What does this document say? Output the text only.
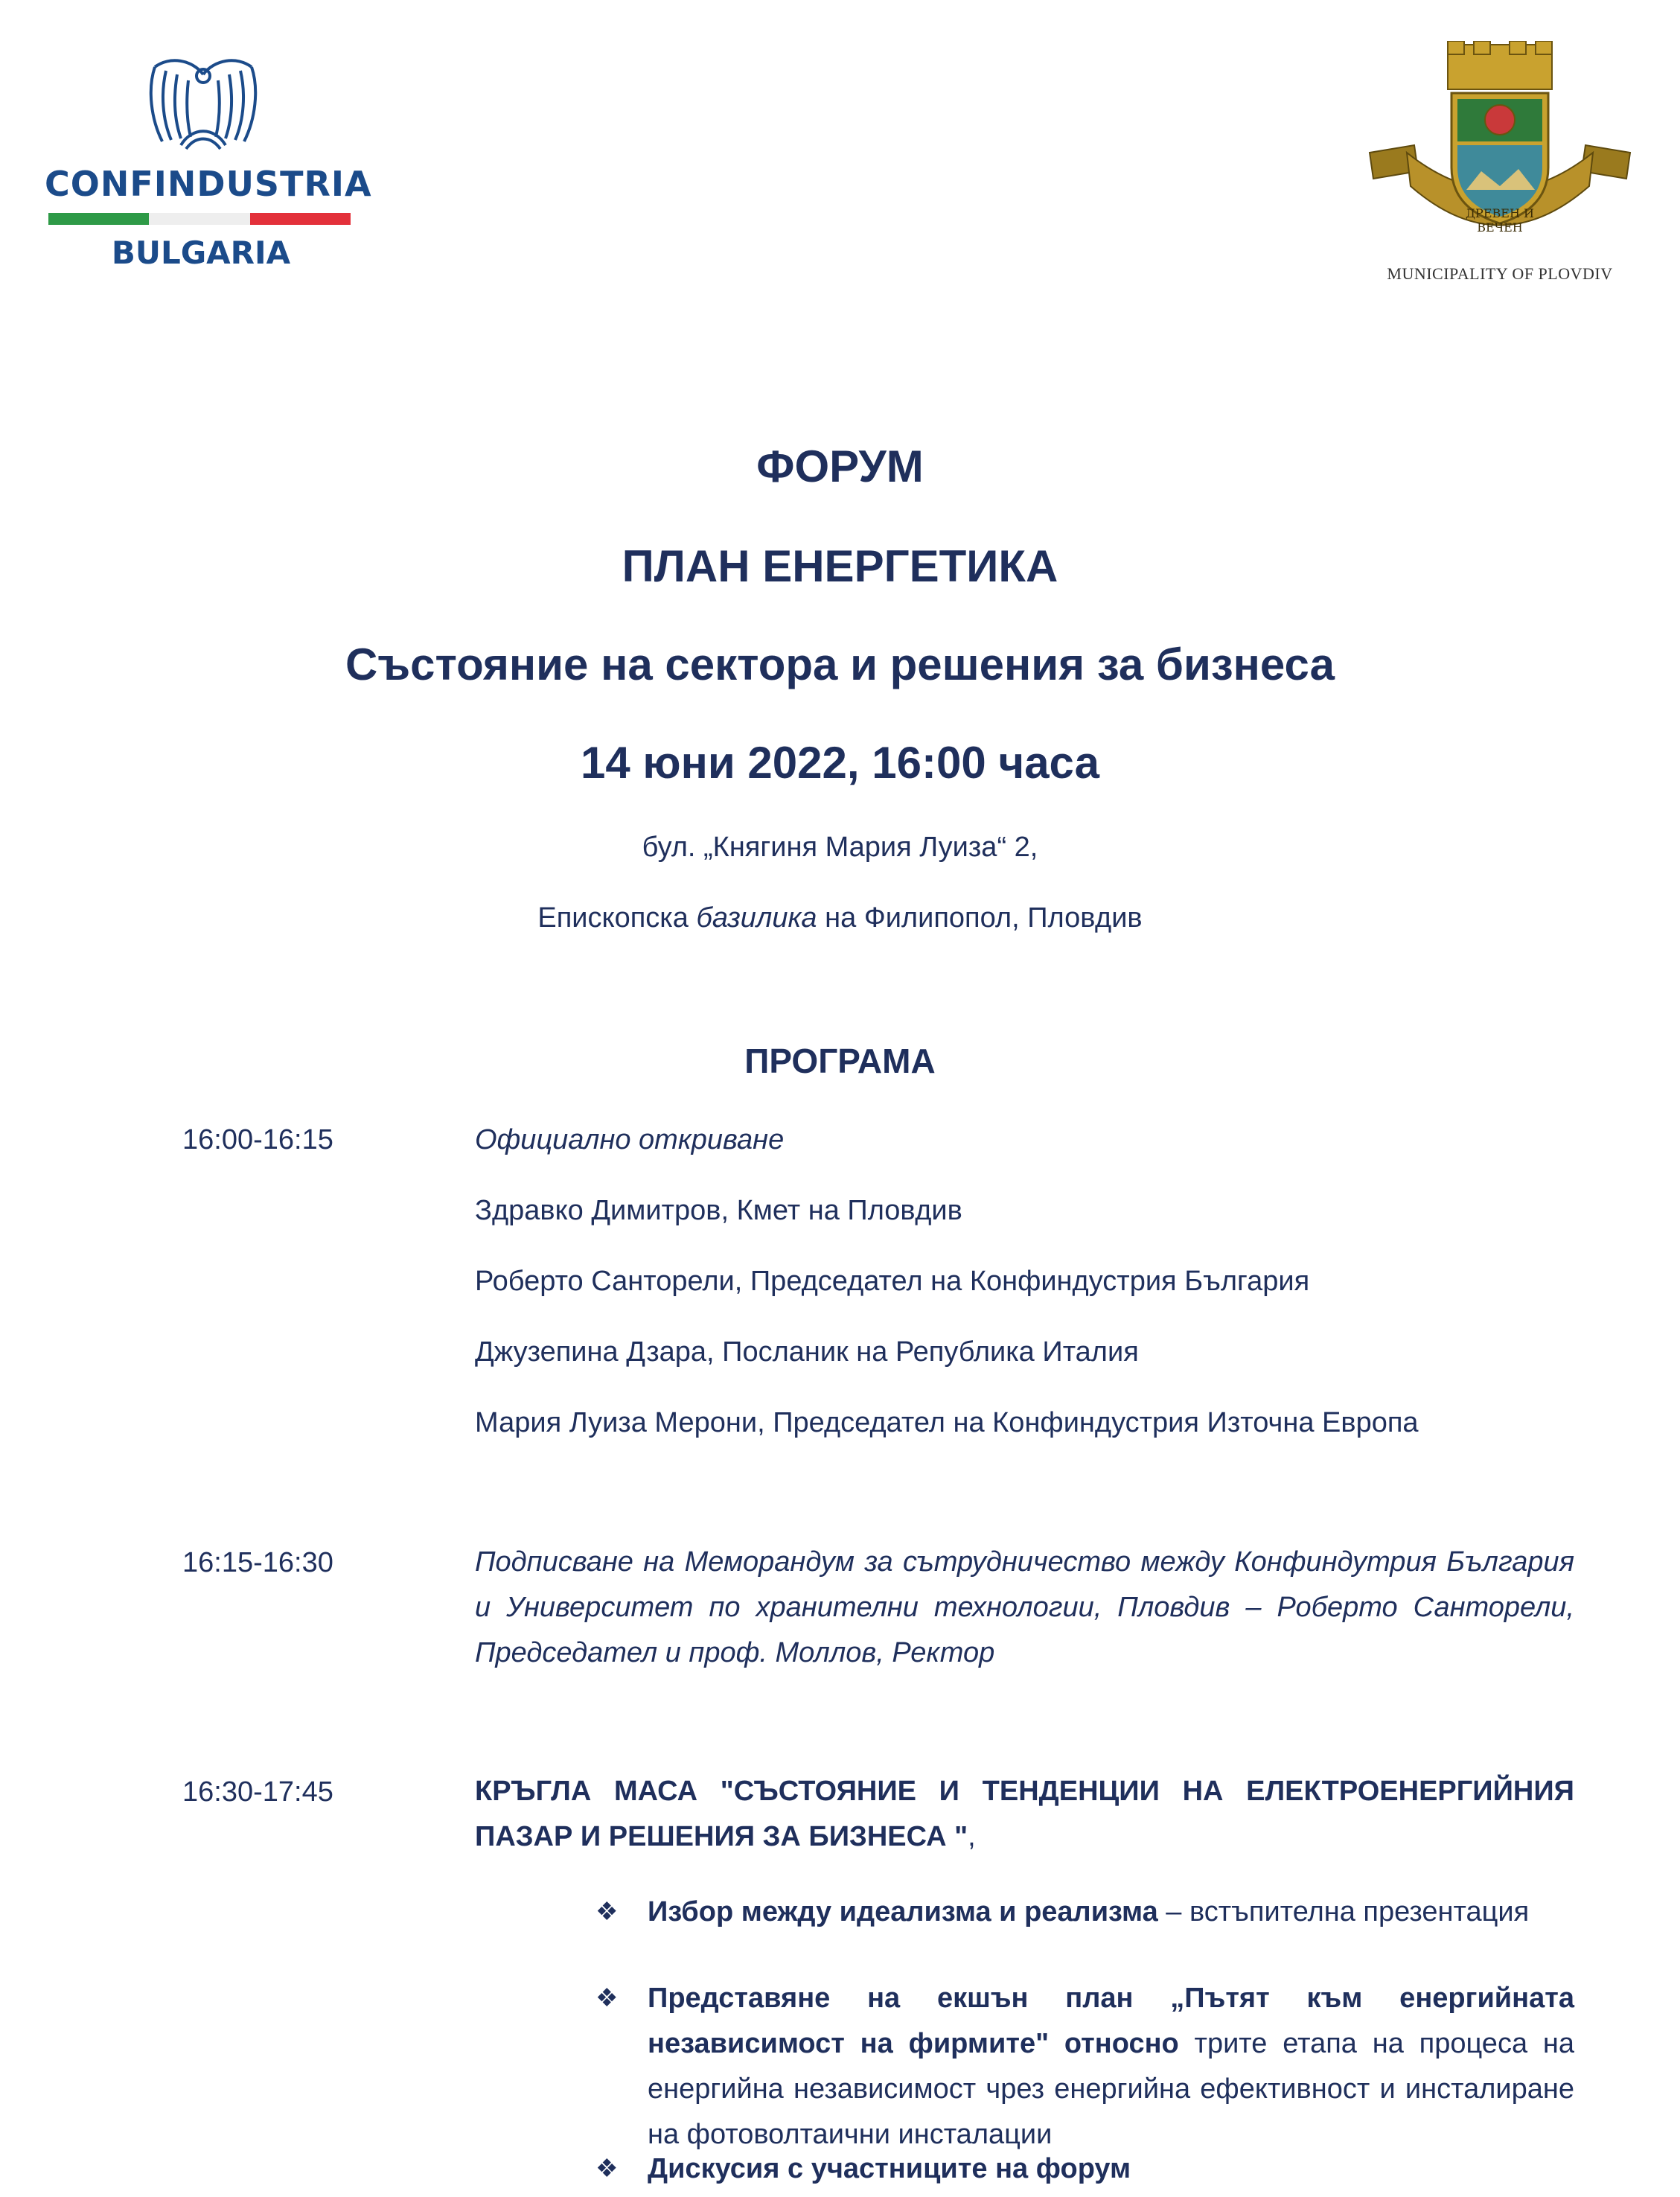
CONFINDUSTRIA
BULGARIA
ДРЕВЕН И ВЕЧЕН
MUNICIPALITY OF PLOVDIV
ФОРУМ
ПЛАН ЕНЕРГЕТИКА
Състояние на сектора и решения за бизнеса
14 юни 2022, 16:00 часа
бул. „Княгиня Мария Луиза“ 2,
Епископска базилика на Филипопол, Пловдив
ПРОГРАМА
16:00-16:15	Официално откриване
Здравко Димитров, Кмет на Пловдив
Роберто Санторели, Председател на Конфиндустрия България
Джузепина Дзара, Посланик на Република Италия
Мария Луиза Мерони, Председател на Конфиндустрия Източна Европа
16:15-16:30	Подписване на Меморандум за сътрудничество между Конфиндутрия България и Университет по хранителни технологии, Пловдив – Роберто Санторели, Председател и проф. Моллов, Ректор
16:30-17:45	КРЪГЛА МАСА "СЪСТОЯНИЕ И ТЕНДЕНЦИИ НА ЕЛЕКТРОЕНЕРГИЙНИЯ ПАЗАР И РЕШЕНИЯ ЗА БИЗНЕСА ",
❖ Избор между идеализма и реализма – встъпителна презентация
❖ Представяне на екшън план „Пътят към енергийната независимост на фирмите" относно трите етапа на процеса на енергийна независимост чрез енергийна ефективност и инсталиране на фотоволтаични инсталации
❖ Дискусия с участниците на форум
